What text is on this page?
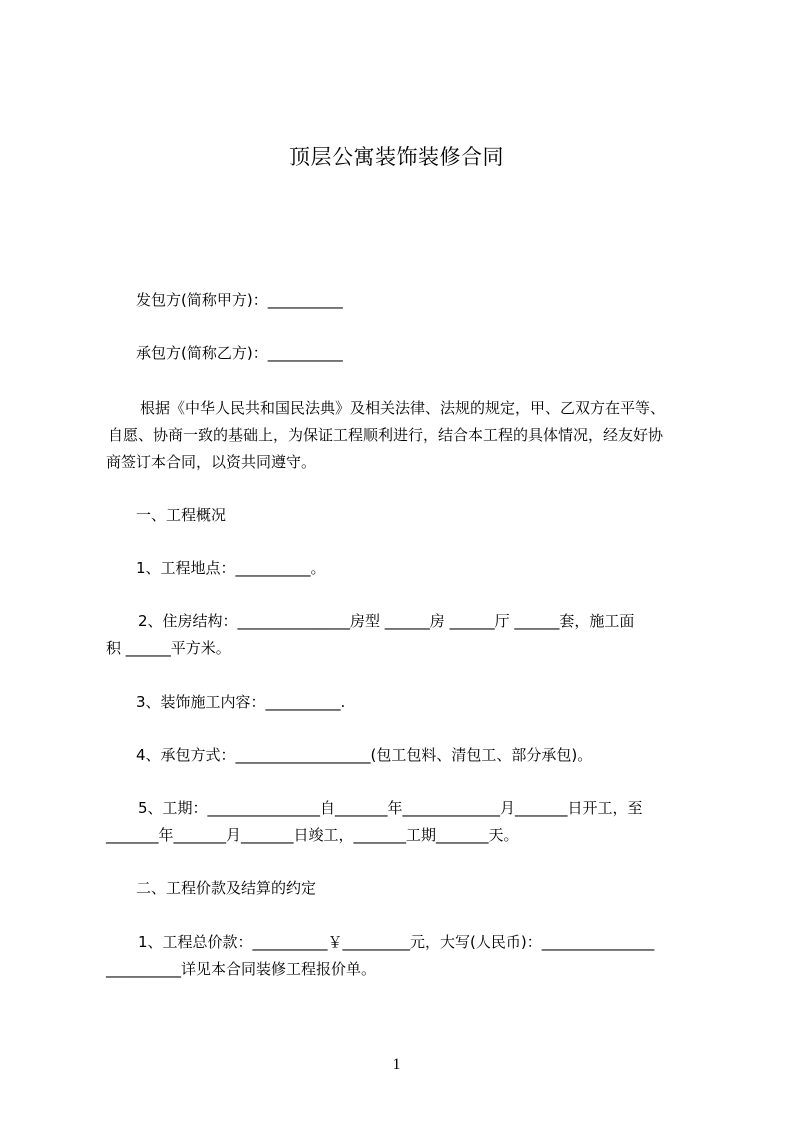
顶层公寓装饰装修合同
发包方(简称甲方)：__________
承包方(简称乙方)：__________
根据《中华人民共和国民法典》及相关法律、法规的规定，甲、乙双方在平等、
自愿、协商一致的基础上，为保证工程顺利进行，结合本工程的具体情况，经友好协
商签订本合同，以资共同遵守。
一、工程概况
1、工程地点：__________。
2、住房结构：_______________房型 ______房 ______厅 ______套，施工面
积 ______平方米。
3、装饰施工内容：__________.
4、承包方式：__________________(包工包料、清包工、部分承包)。
5、工期：_______________自_______年_____________月_______日开工，至
_______年_______月_______日竣工，_______工期_______天。
二、工程价款及结算的约定
1、工程总价款：__________￥_________元，大写(人民币)：_______________
__________详见本合同装修工程报价单。
1
